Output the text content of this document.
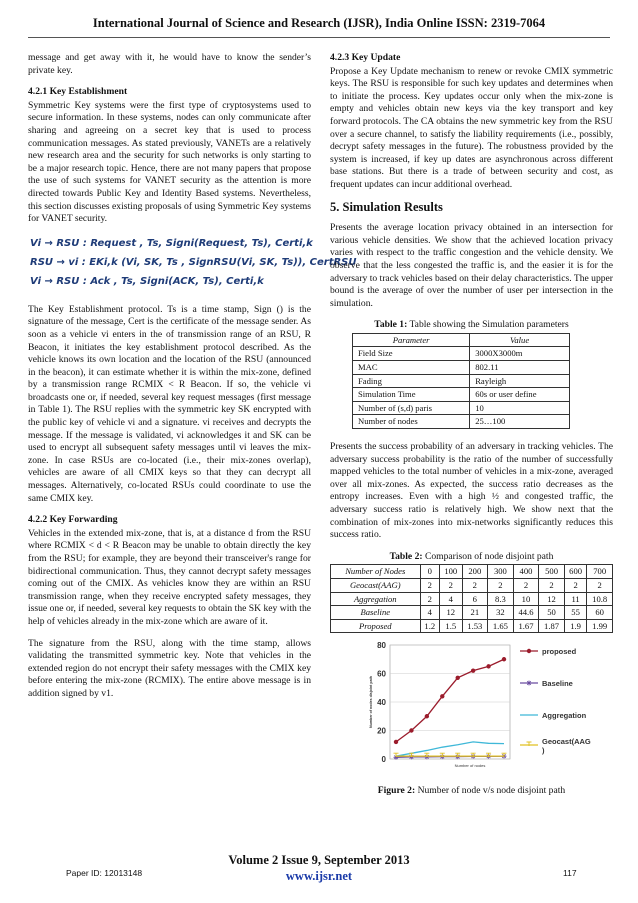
International Journal of Science and Research (IJSR), India Online ISSN: 2319-7064

message and get away with it, he would have to know the sender’s private key.

4.2.1 Key Establishment

Symmetric Key systems were the first type of cryptosystems used to secure information. In these systems, nodes can only communicate after sharing and agreeing on a secret key that is used to process communication messages. As stated previously, VANETs are a relatively new research area and the security for such networks is only starting to be a major research topic. Hence, there are not many papers that propose the use of such systems for VANET security as the attention is more directed towards Public Key and Identity Based systems. Nevertheless, this section discusses existing proposals of using Symmetric Key systems for VANET security.

Vi → RSU : Request , Ts, Signi(Request, Ts), Certi,k
RSU → vi : EKi,k (Vi, SK, Ts , SignRSU(Vi, SK, Ts)), CertRSU
Vi → RSU : Ack , Ts, Signi(ACK, Ts), Certi,k

The Key Establishment protocol. Ts is a time stamp, Sign () is the signature of the message, Cert is the certificate of the message sender. As soon as a vehicle vi enters in the of transmission range of an RSU, R Beacon, it initiates the key establishment protocol described. As the vehicle knows its own location and the location of the RSU (announced in the beacon), it can estimate whether it is within the mix-zone, defined by a transmission range RCMIX < R Beacon. If so, the vehicle vi broadcasts one or, if needed, several key request messages (first message in Table 1). The RSU replies with the symmetric key SK encrypted with the public key of vehicle vi and a signature. vi receives and decrypts the message. If the message is validated, vi acknowledges it and SK can be used to encrypt all subsequent safety messages until vi leaves the mix-zone. In case RSUs are co-located (i.e., their mix-zones overlap), vehicles are aware of all CMIX keys so that they can decrypt all messages. Alternatively, co-located RSUs could coordinate to use the same CMIX key.

4.2.2 Key Forwarding

Vehicles in the extended mix-zone, that is, at a distance d from the RSU where RCMIX < d < R Beacon may be unable to obtain directly the key from the RSU; for example, they are beyond their transceiver's range for bidirectional communication. Thus, they cannot decrypt safety messages coming out of the CMIX. As vehicles know they are within an RSU transmission range, when they receive encrypted safety messages, they issue one or, if needed, several key requests to obtain the SK key with the help of vehicles already in the mix-zone which are aware of it.

The signature from the RSU, along with the time stamp, allows validating the transmitted symmetric key. Note that vehicles in the extended region do not encrypt their safety messages with the CMIX key before entering the mix-zone (RCMIX). The entire above message is in addition signed by v1.

4.2.3 Key Update

Propose a Key Update mechanism to renew or revoke CMIX symmetric keys. The RSU is responsible for such key updates and determines when to initiate the process. Key updates occur only when the mix-zone is empty and vehicles obtain new keys via the key transport and key forward protocols. The CA obtains the new symmetric key from the RSU over a secure channel, to satisfy the liability requirements (i.e., possibly, decrypt safety messages in the future). The robustness provided by the system is increased, if key up dates are asynchronous across different base stations. But there is a trade of between security and cost, as frequent updates can incur additional overhead.

5. Simulation Results

Presents the average location privacy obtained in an intersection for various vehicle densities. We show that the achieved location privacy varies with respect to the traffic congestion and the vehicle density. We observe that the less congested the traffic is, and the easier it is for the adversary to track vehicles based on their delay characteristics. The upper bound is the average of over the number of user per intersection in the simulation.

Table 1: Table showing the Simulation parameters
Parameter	Value
Field Size	3000X3000m
MAC	802.11
Fading	Rayleigh
Simulation Time	60s or user define
Number of (s,d) paris	10
Number of nodes	25…100

Presents the success probability of an adversary in tracking vehicles. The adversary success probability is the ratio of the number of successfully mapped vehicles to the total number of vehicles in a mix-zone, averaged over all mix-zones. As expected, the success ratio decreases as the entropy increases. Even with a high ½ and congested traffic, the adversary success ratio is relatively high. We show next that the combination of mix-zones into mix-networks significantly reduces this success ratio.

Table 2: Comparison of node disjoint path
Number of Nodes	0	100	200	300	400	500	600	700
Geocast(AAG)	2	2	2	2	2	2	2	2
Aggregation	2	4	6	8.3	10	12	11	10.8
Baseline	4	12	21	32	44.6	50	55	60
Proposed	1.2	1.5	1.53	1.65	1.67	1.87	1.9	1.99
0
20
40
60
80
Number of nodes disjoint path
Number of nodes
proposed
Baseline
Aggregation
Geocast(AAG )
Figure 2: Number of node v/s node disjoint path
Volume 2 Issue 9, September 2013
www.ijsr.net
Paper ID: 12013148	117
